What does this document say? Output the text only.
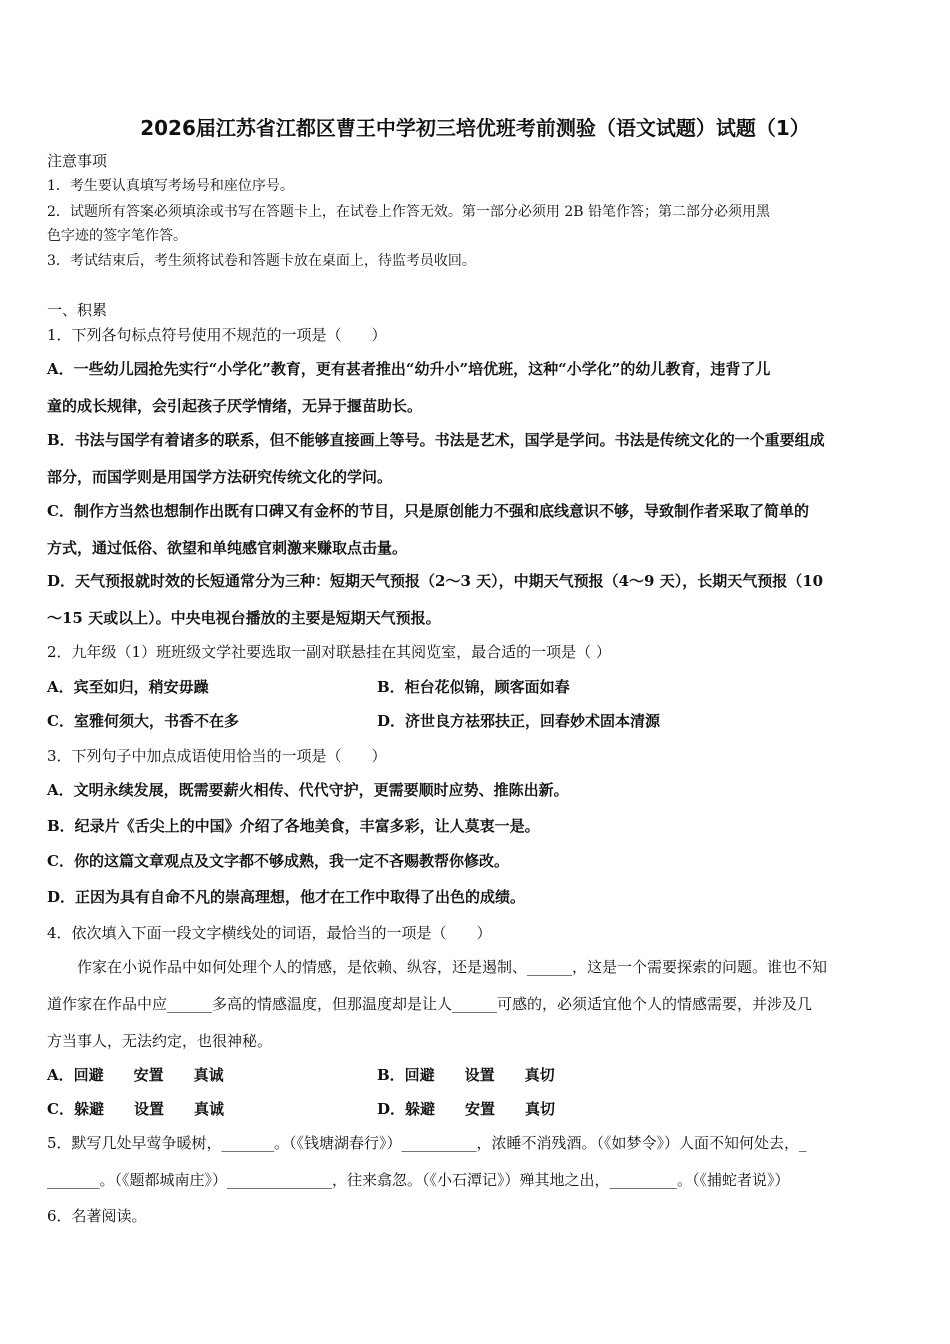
2026届江苏省江都区曹王中学初三培优班考前测验（语文试题）试题（1）
注意事项
1．考生要认真填写考场号和座位序号。
2．试题所有答案必须填涂或书写在答题卡上，在试卷上作答无效。第一部分必须用 2B 铅笔作答；第二部分必须用黑
色字迹的签字笔作答。
3．考试结束后，考生须将试卷和答题卡放在桌面上，待监考员收回。
一、积累
1．下列各句标点符号使用不规范的一项是（　　）
A．一些幼儿园抢先实行“小学化”教育，更有甚者推出“幼升小”培优班，这种“小学化”的幼儿教育，违背了儿
童的成长规律，会引起孩子厌学情绪，无异于揠苗助长。
B．书法与国学有着诸多的联系，但不能够直接画上等号。书法是艺术，国学是学问。书法是传统文化的一个重要组成
部分，而国学则是用国学方法研究传统文化的学问。
C．制作方当然也想制作出既有口碑又有金杯的节目，只是原创能力不强和底线意识不够，导致制作者采取了简单的
方式，通过低俗、欲望和单纯感官刺激来赚取点击量。
D．天气预报就时效的长短通常分为三种：短期天气预报（2～3 天），中期天气预报（4～9 天），长期天气预报（10
～15 天或以上）。中央电视台播放的主要是短期天气预报。
2．九年级（1）班班级文学社要选取一副对联悬挂在其阅览室，最合适的一项是（ ）
A．宾至如归，稍安毋躁	B．柜台花似锦，顾客面如春
C．室雅何须大，书香不在多	D．济世良方祛邪扶正，回春妙术固本清源
3．下列句子中加点成语使用恰当的一项是（　　）
A．文明永续发展，既需要薪火相传、代代守护，更需要顺时应势、推陈出新。
B．纪录片《舌尖上的中国》介绍了各地美食，丰富多彩，让人莫衷一是。
C．你的这篇文章观点及文字都不够成熟，我一定不吝赐教帮你修改。
D．正因为具有自命不凡的崇高理想，他才在工作中取得了出色的成绩。
4．依次填入下面一段文字横线处的词语，最恰当的一项是（　　）
　　作家在小说作品中如何处理个人的情感，是依赖、纵容，还是遏制、______，这是一个需要探索的问题。谁也不知
道作家在作品中应______多高的情感温度，但那温度却是让人______可感的，必须适宜他个人的情感需要，并涉及几
方当事人，无法约定，也很神秘。
A．回避　　安置　　真诚	B．回避　　设置　　真切
C．躲避　　设置　　真诚	D．躲避　　安置　　真切
5．默写几处早莺争暖树，_______。（《钱塘湖春行》）__________，浓睡不消残酒。（《如梦令》）人面不知何处去，_
_______。（《题都城南庄》）______________，往来翕忽。（《小石潭记》）殚其地之出，_________。（《捕蛇者说》）
6．名著阅读。
